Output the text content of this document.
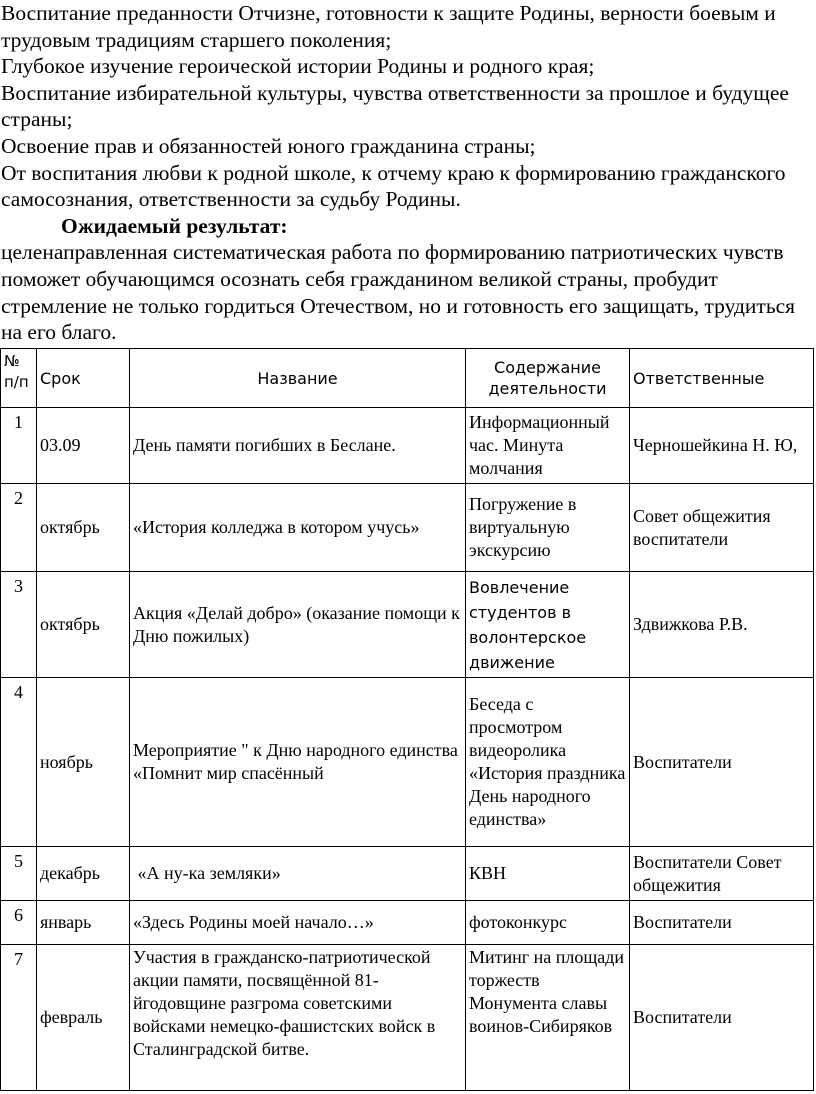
Воспитание преданности Отчизне, готовности к защите Родины, верности боевым и трудовым традициям старшего поколения;

Глубокое изучение героической истории Родины и родного края;

Воспитание избирательной культуры, чувства ответственности за прошлое и будущее страны;

Освоение прав и обязанностей юного гражданина страны;

От воспитания любви к родной школе, к отчему краю к формированию гражданского самосознания, ответственности за судьбу Родины.

Ожидаемый результат:

целенаправленная систематическая работа по формированию патриотических чувств поможет обучающимся осознать себя гражданином великой страны, пробудит стремление не только гордиться Отечеством, но и готовность его защищать, трудиться на его благо.

№ п/п	Срок	Название	Содержание деятельности	Ответственные
1	03.09	День памяти погибших в Беслане.	Информационный час. Минута молчания	Черношейкина Н. Ю,
2	октябрь	«История колледжа в котором учусь»	Погружение в виртуальную экскурсию	Совет общежития воспитатели
3	октябрь	Акция «Делай добро» (оказание помощи к Дню пожилых)	Вовлечение студентов в волонтерское движение	Здвижкова Р.В.
4	ноябрь	Мероприятие " к Дню народного единства «Помнит мир спасённый	Беседа с просмотром видеоролика «История праздника День народного единства»	Воспитатели
5	декабрь	«А ну-ка земляки»	КВН	Воспитатели Совет общежития
6	январь	«Здесь Родины моей начало…»	фотоконкурс	Воспитатели
7	февраль	Участия в гражданско-патриотической акции памяти, посвящённой 81-йгодовщине разгрома советскими войсками немецко-фашистских войск в Сталинградской битве.	Митинг на площади торжеств Монумента славы воинов-Сибиряков	Воспитатели
